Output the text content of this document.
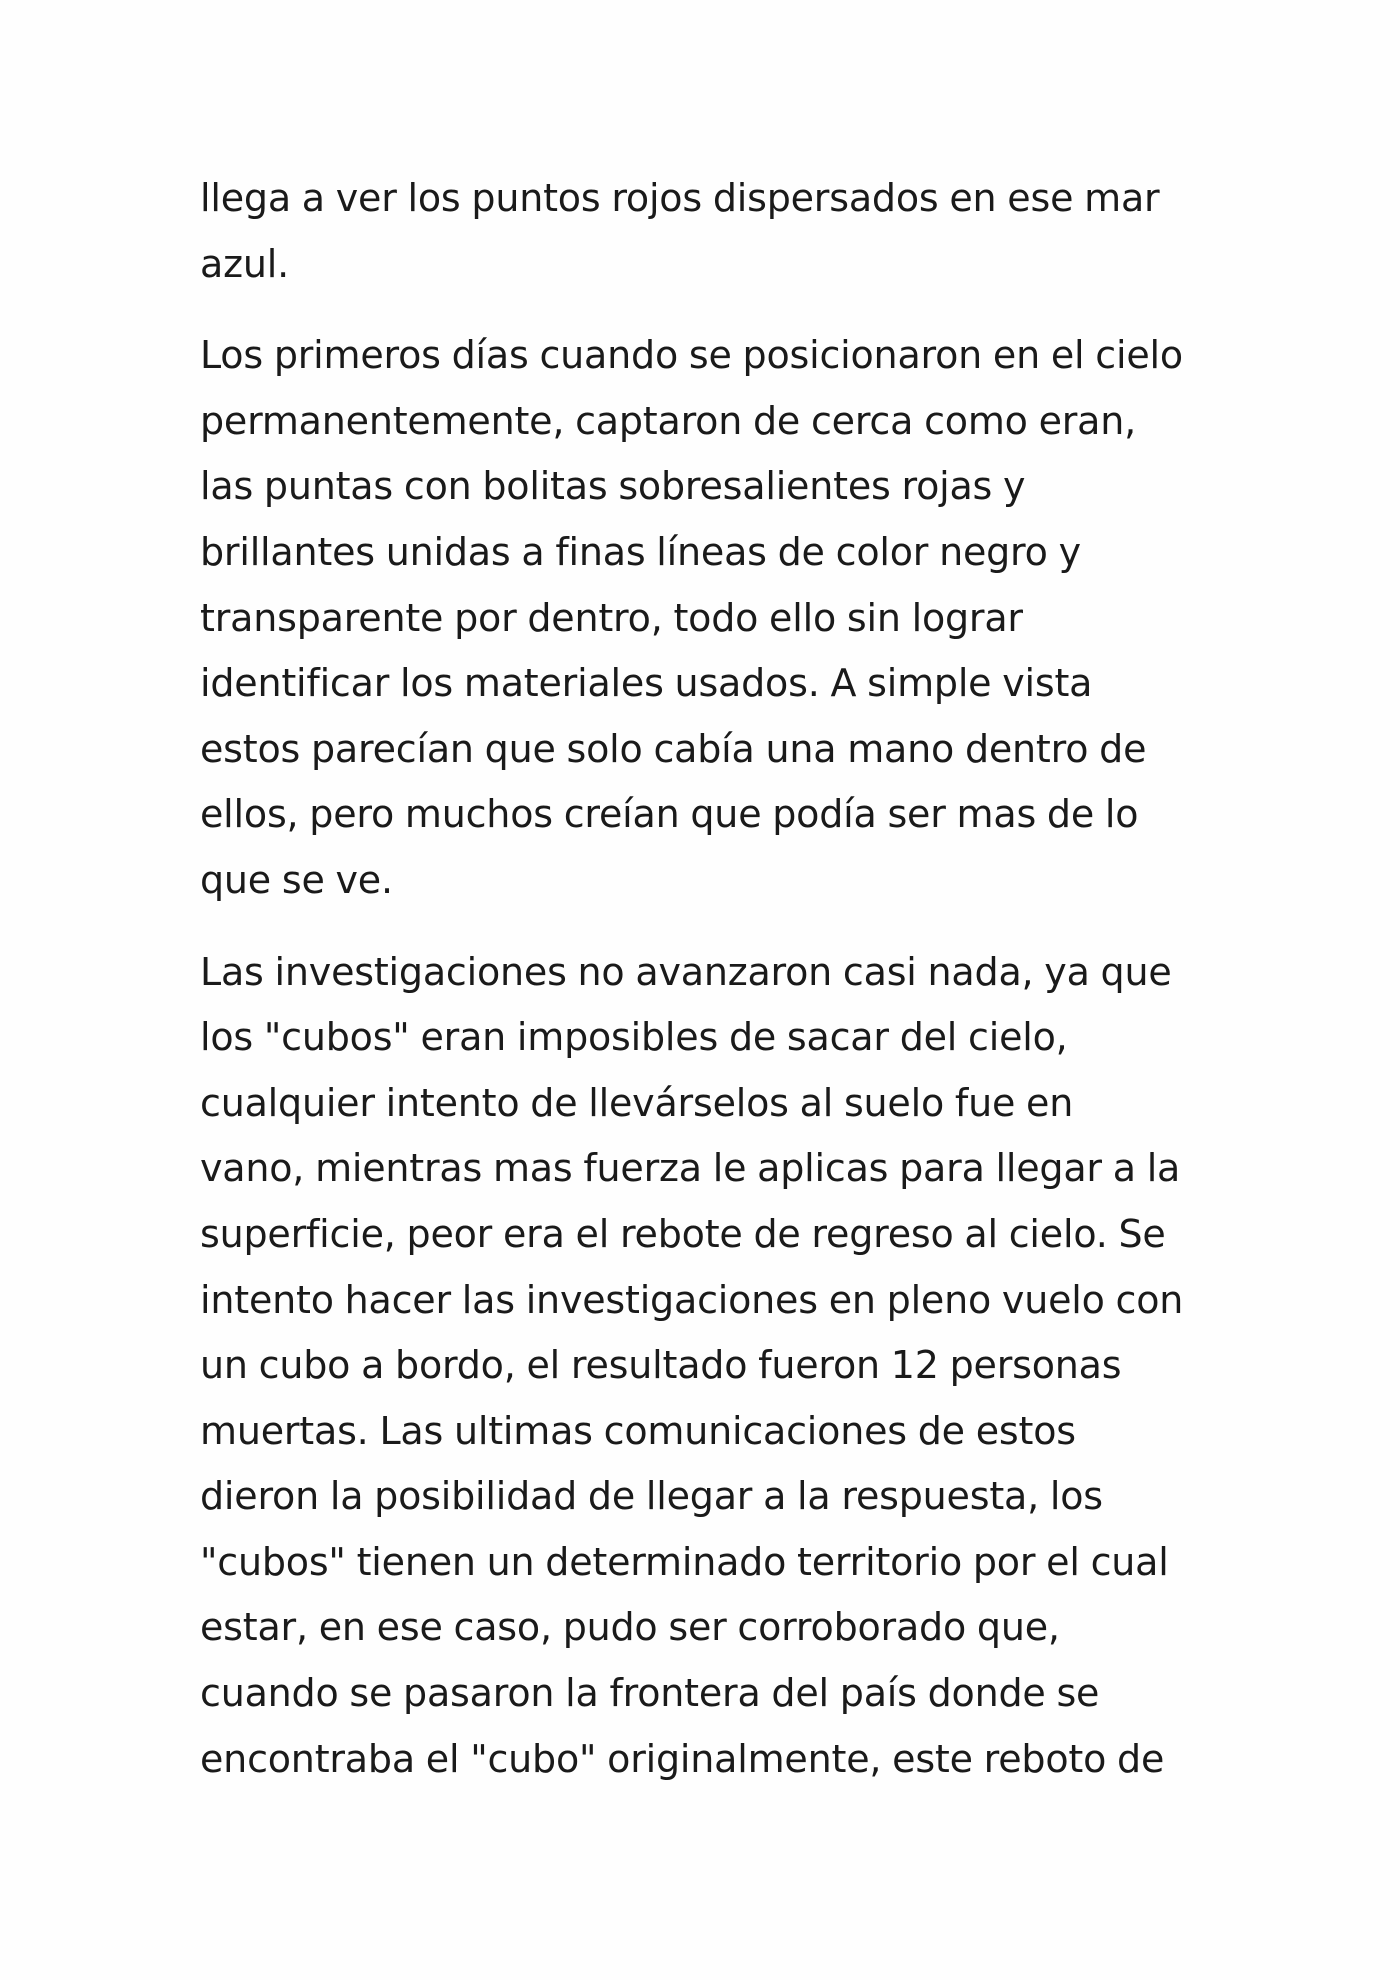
llega a ver los puntos rojos dispersados en ese mar
azul.

Los primeros días cuando se posicionaron en el cielo
permanentemente, captaron de cerca como eran,
las puntas con bolitas sobresalientes rojas y
brillantes unidas a finas líneas de color negro y
transparente por dentro, todo ello sin lograr
identificar los materiales usados. A simple vista
estos parecían que solo cabía una mano dentro de
ellos, pero muchos creían que podía ser mas de lo
que se ve.

Las investigaciones no avanzaron casi nada, ya que
los "cubos" eran imposibles de sacar del cielo,
cualquier intento de llevárselos al suelo fue en
vano, mientras mas fuerza le aplicas para llegar a la
superficie, peor era el rebote de regreso al cielo. Se
intento hacer las investigaciones en pleno vuelo con
un cubo a bordo, el resultado fueron 12 personas
muertas. Las ultimas comunicaciones de estos
dieron la posibilidad de llegar a la respuesta, los
"cubos" tienen un determinado territorio por el cual
estar, en ese caso, pudo ser corroborado que,
cuando se pasaron la frontera del país donde se
encontraba el "cubo" originalmente, este reboto de
